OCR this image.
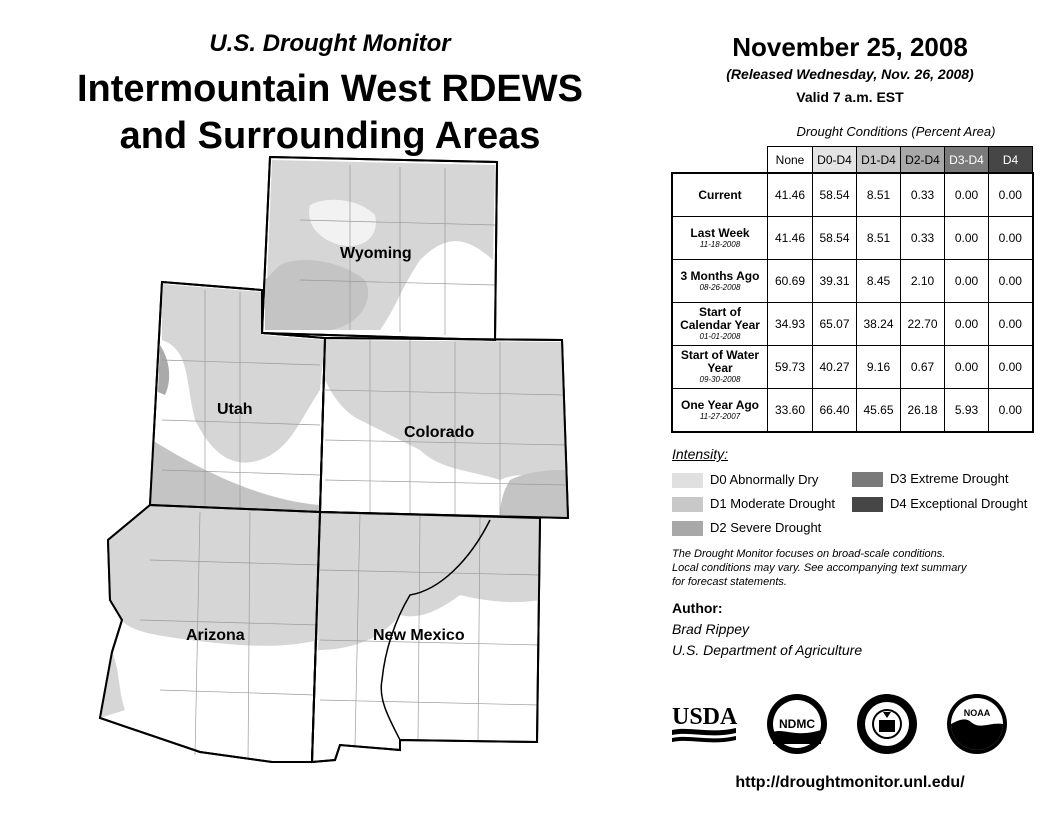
U.S. Drought Monitor
Intermountain West RDEWS
and Surrounding Areas
Wyoming
Utah
Colorado
Arizona	New Mexico
November 25, 2008
(Released Wednesday, Nov. 26, 2008)
Valid 7 a.m. EST
Drought Conditions (Percent Area)
	None	D0-D4	D1-D4	D2-D4	D3-D4	D4
Current	41.46	58.54	8.51	0.33	0.00	0.00
Last Week
11-18-2008	41.46	58.54	8.51	0.33	0.00	0.00
3 Months Ago
08-26-2008	60.69	39.31	8.45	2.10	0.00	0.00
Start of Calendar Year
01-01-2008	34.93	65.07	38.24	22.70	0.00	0.00
Start of Water Year
09-30-2008	59.73	40.27	9.16	0.67	0.00	0.00
One Year Ago
11-27-2007	33.60	66.40	45.65	26.18	5.93	0.00
Intensity:
D0 Abnormally Dry
D1 Moderate Drought
D2 Severe Drought
D3 Extreme Drought
D4 Exceptional Drought
The Drought Monitor focuses on broad-scale conditions.
Local conditions may vary. See accompanying text summary
for forecast statements.
Author:
Brad Rippey
U.S. Department of Agriculture
USDA	NDMC
NOAA
http://droughtmonitor.unl.edu/
